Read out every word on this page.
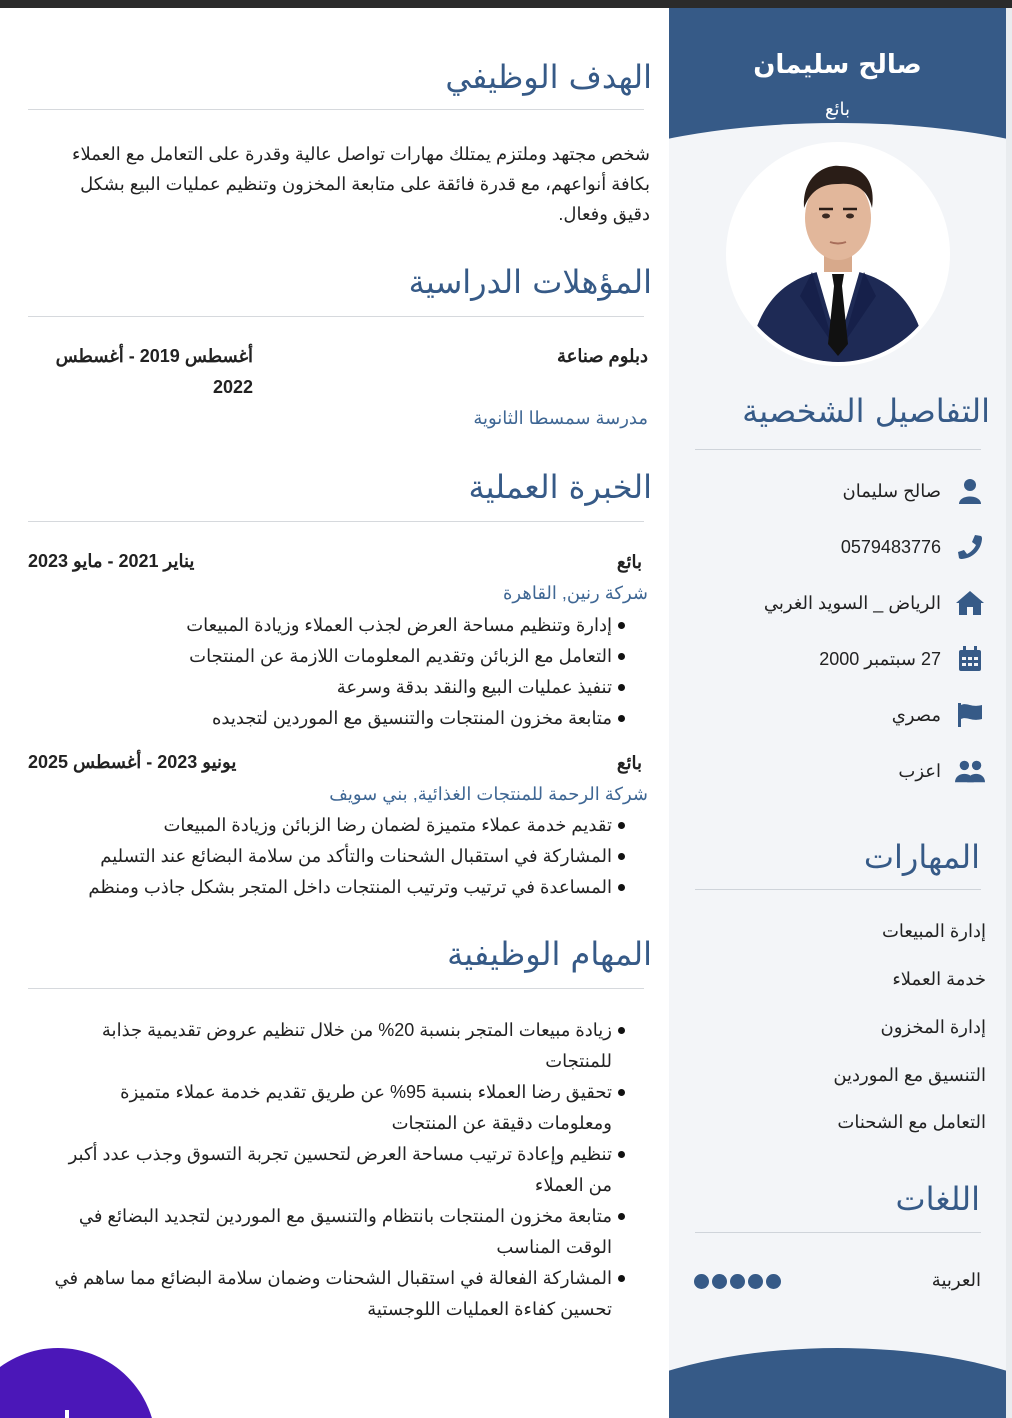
صالح سليمان
بائع
التفاصيل الشخصية
صالح سليمان
0579483776
الرياض _ السويد الغربي
27 سبتمبر 2000
مصري
اعزب
المهارات
إدارة المبيعات
خدمة العملاء
إدارة المخزون
التنسيق مع الموردين
التعامل مع الشحنات
اللغات
العربية
الهدف الوظيفي
شخص مجتهد وملتزم يمتلك مهارات تواصل عالية وقدرة على التعامل مع العملاء بكافة أنواعهم، مع قدرة فائقة على متابعة المخزون وتنظيم عمليات البيع بشكل دقيق وفعال.
المؤهلات الدراسية
دبلوم صناعة
أغسطس 2019 - أغسطس 2022
مدرسة سمسطا الثانوية
الخبرة العملية
بائع
يناير 2021 - مايو 2023
شركة رنين, القاهرة
إدارة وتنظيم مساحة العرض لجذب العملاء وزيادة المبيعات
التعامل مع الزبائن وتقديم المعلومات اللازمة عن المنتجات
تنفيذ عمليات البيع والنقد بدقة وسرعة
متابعة مخزون المنتجات والتنسيق مع الموردين لتجديده
بائع
يونيو 2023 - أغسطس 2025
شركة الرحمة للمنتجات الغذائية, بني سويف
تقديم خدمة عملاء متميزة لضمان رضا الزبائن وزيادة المبيعات
المشاركة في استقبال الشحنات والتأكد من سلامة البضائع عند التسليم
المساعدة في ترتيب وترتيب المنتجات داخل المتجر بشكل جاذب ومنظم
المهام الوظيفية
زيادة مبيعات المتجر بنسبة 20% من خلال تنظيم عروض تقديمية جذابة للمنتجات
تحقيق رضا العملاء بنسبة 95% عن طريق تقديم خدمة عملاء متميزة ومعلومات دقيقة عن المنتجات
تنظيم وإعادة ترتيب مساحة العرض لتحسين تجربة التسوق وجذب عدد أكبر من العملاء
متابعة مخزون المنتجات بانتظام والتنسيق مع الموردين لتجديد البضائع في الوقت المناسب
المشاركة الفعالة في استقبال الشحنات وضمان سلامة البضائع مما ساهم في تحسين كفاءة العمليات اللوجستية
